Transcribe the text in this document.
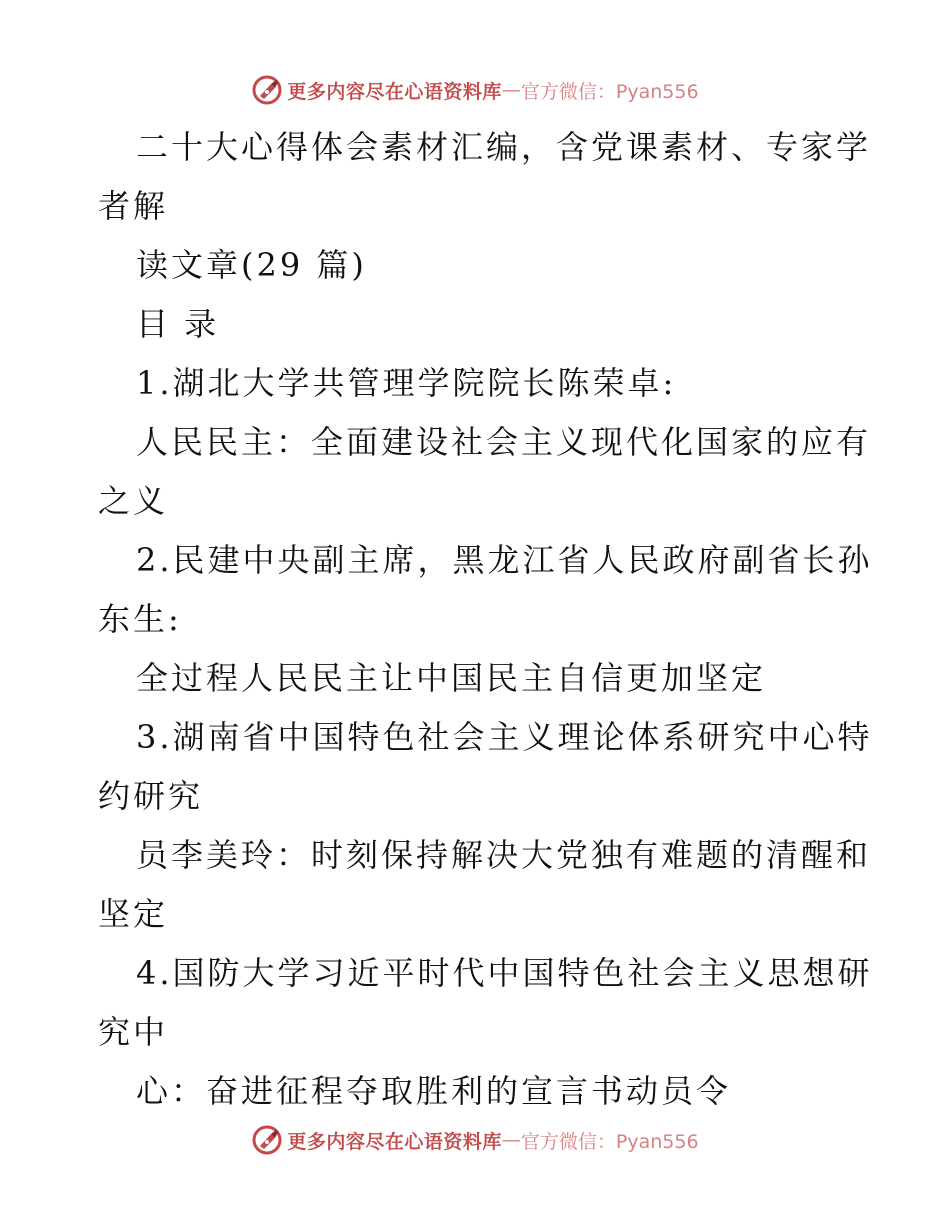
更多内容尽在心语资料库 — 官方微信：Pyan556
二十大心得体会素材汇编，含党课素材、专家学
者解
读文章(29 篇)
目 录
1.湖北大学共管理学院院长陈荣卓:
人民民主：全面建设社会主义现代化国家的应有
之义
2.民建中央副主席，黑龙江省人民政府副省长孙
东生:
全过程人民民主让中国民主自信更加坚定
3.湖南省中国特色社会主义理论体系研究中心特
约研究
员李美玲：时刻保持解决大党独有难题的清醒和
坚定
4.国防大学习近平时代中国特色社会主义思想研
究中
心：奋进征程夺取胜利的宣言书动员令
更多内容尽在心语资料库 — 官方微信：Pyan556
